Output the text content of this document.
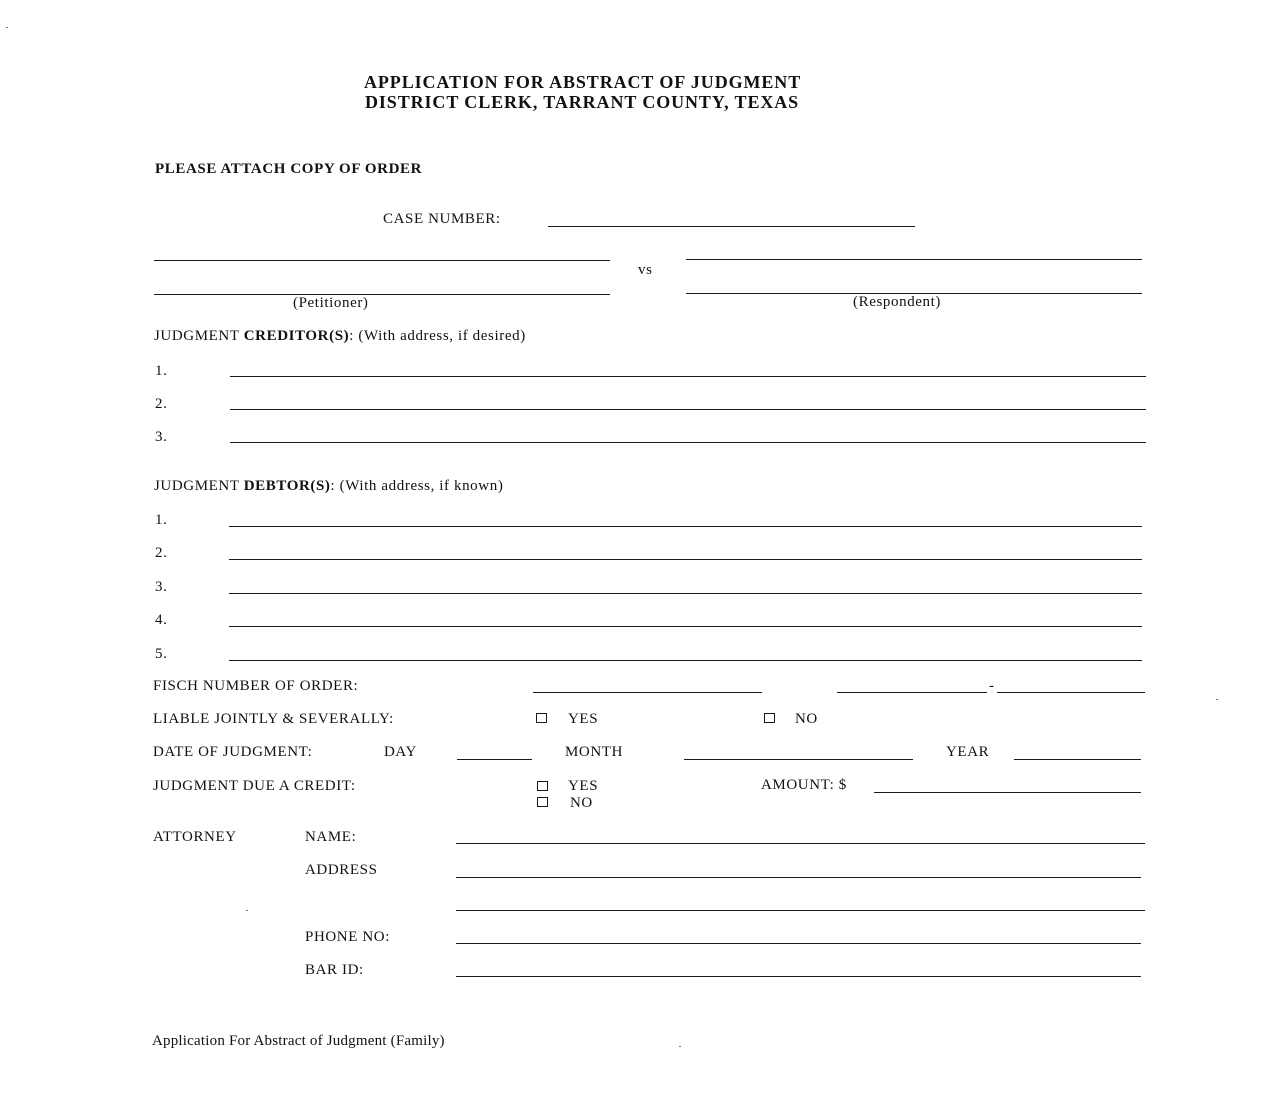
APPLICATION FOR ABSTRACT OF JUDGMENT
DISTRICT CLERK, TARRANT COUNTY, TEXAS
PLEASE ATTACH COPY OF ORDER
CASE NUMBER:
vs
(Petitioner)	(Respondent)
JUDGMENT CREDITOR(S): (With address, if desired)
1.
2.
3.
JUDGMENT DEBTOR(S): (With address, if known)
1.
2.
3.
4.
5.
FISCH NUMBER OF ORDER:	-
LIABLE JOINTLY & SEVERALLY:	YES	NO
DATE OF JUDGMENT:	DAY	MONTH	YEAR
JUDGMENT DUE A CREDIT:	YES
NO
AMOUNT: $
ATTORNEY	NAME:
ADDRESS
PHONE NO:
BAR ID:
Application For Abstract of Judgment (Family)
